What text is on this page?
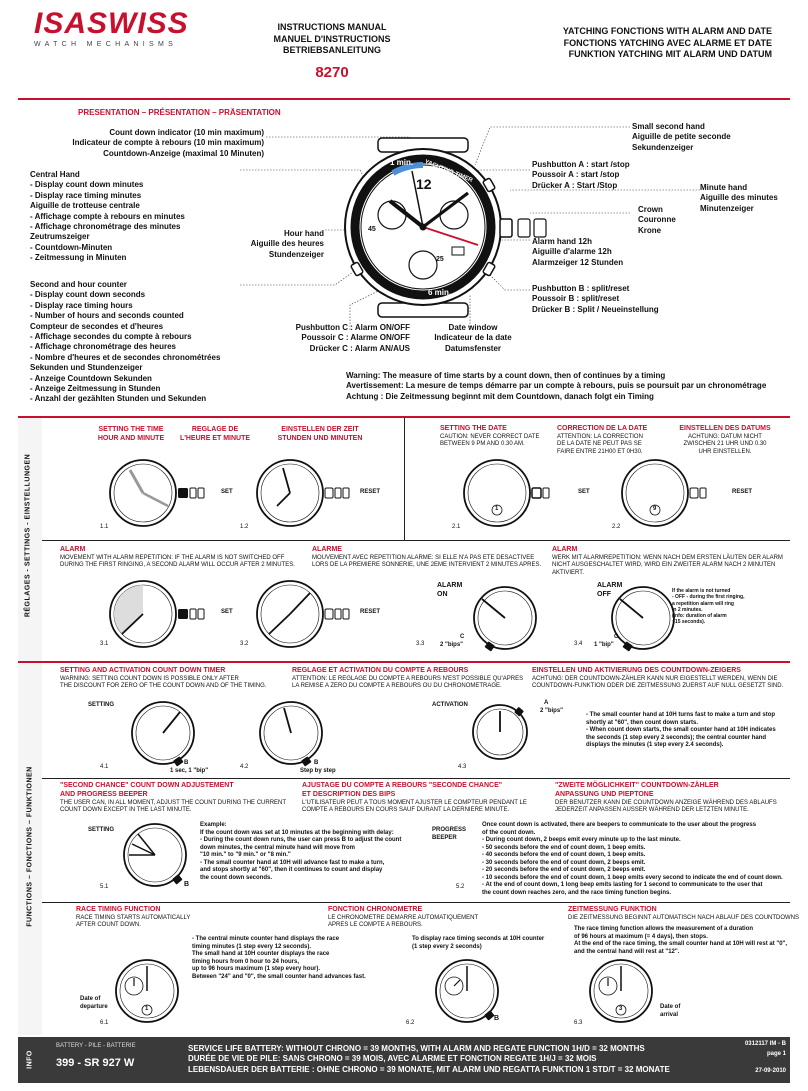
ISASWISS
WATCH MECHANISMS
INSTRUCTIONS MANUAL
MANUEL D'INSTRUCTIONS
BETRIEBSANLEITUNG
8270
YATCHING FONCTIONS WITH ALARM AND DATE
FONCTIONS YATCHING AVEC ALARME ET DATE
FUNKTION YATCHING MIT ALARM UND DATUM
PRESENTATION – PRÉSENTATION – PRÄSENTATION
Count down indicator (10 min maximum)
Indicateur de compte à rebours (10 min maximum)
Countdown-Anzeige (maximal 10 Minuten)
Central Hand
- Display count down minutes
- Display race timing minutes
Aiguille de trotteuse centrale
- Affichage compte à rebours en minutes
- Affichage chronométrage des minutes
Zeutrumszeiger
- Countdown-Minuten
- Zeitmessung in Minuten
Second and hour counter
- Display count down seconds
- Display race timing hours
- Number of hours and seconds counted
Compteur de secondes et d'heures
- Affichage secondes du compte à rebours
- Affichage chronométrage des heures
- Nombre d'heures et de secondes chronométrées
Sekunden und Stundenzeiger
- Anzeige Countdown Sekunden
- Anzeige Zeitmessung in Stunden
- Anzahl der gezählten Stunden und Sekunden
Hour hand
Aiguille des heures
Stundenzeiger
Pushbutton C : Alarm ON/OFF
Poussoir C : Alarme ON/OFF
Drücker C : Alarm AN/AUS
Date window
Indicateur de la date
Datumsfenster
Small second hand
Aiguille de petite seconde
Sekundenzeiger
Pushbutton A : start /stop
Poussoir A : start /stop
Drücker A : Start /Stop	Minute hand
Aiguille des minutes
Minutenzeiger
Crown
Couronne
Krone
Alarm hand 12h
Aiguille d'alarme 12h
Alarmzeiger 12 Stunden
Pushbutton B : split/reset
Poussoir B : split/reset
Drücker B : Split / Neueinstellung
Warning: The measure of time starts by a count down, then of continues by a timing
Avertissement: La mesure de temps démarre par un compte à rebours, puis se poursuit par un chronométrage
Achtung : Die Zeitmessung beginnt mit dem Countdown, danach folgt ein Timing
1 min. YACHTING TIMER
6 min.
12
25
45
RÉGLAGES - SETTINGS - EINSTELLUNGEN
SETTING THE TIME
HOUR AND MINUTE
REGLAGE DE
L'HEURE ET MINUTE
EINSTELLEN DER ZEIT
STUNDEN UND MINUTEN
SET
1.1
RESET
1.2
SETTING THE DATE
CAUTION: NEVER CORRECT DATE
BETWEEN 9 PM AND 0.30 AM.
CORRECTION DE LA DATE
ATTENTION: LA CORRECTION
DE LA DATE NE PEUT PAS SE
FAIRE ENTRE 21H00 ET 0H30.
EINSTELLEN DES DATUMS
ACHTUNG: DATUM NICHT
ZWISCHEN 21 UHR UND 0.30
UHR EINSTELLEN.
1
SET
2.1
9
RESET
2.2
ALARM
MOVEMENT WITH ALARM REPETITION: IF THE ALARM IS NOT SWITCHED OFF
DURING THE FIRST RINGING, A SECOND ALARM WILL OCCUR AFTER 2 MINUTES.
ALARME
MOUVEMENT AVEC REPETITION ALARME: SI ELLE N'A PAS ETE DESACTIVEE
LORS DE LA PREMIERE SONNERIE, UNE 2EME INTERVIENT 2 MINUTES APRES.
ALARM
WERK MIT ALARMREPETITION: WENN NACH DEM ERSTEN LÄUTEN DER ALARM
NICHT AUSGESCHALTET WIRD, WIRD EIN ZWEITER ALARM NACH 2 MINUTEN
AKTIVIERT.
SET
3.1
RESET
3.2
ALARM
ON
C
2 "bips"
3.3
ALARM
OFF
C
1 "bip"
3.4
If the alarm is not turned
- OFF - during the first ringing,
a repetition alarm will ring
in 2 minutes.
(Info: duration of alarm
~15 seconds).
FUNCTIONS – FONCTIONS – FUNKTIONEN
SETTING AND ACTIVATION COUNT DOWN TIMER
WARNING: SETTING COUNT DOWN IS POSSIBLE ONLY AFTER
THE DISCOUNT FOR ZERO OF THE COUNT DOWN AND OF THE TIMING.
REGLAGE ET ACTIVATION DU COMPTE A REBOURS
ATTENTION: LE REGLAGE DU COMPTE A REBOURS N'EST POSSIBLE QU'APRES
LA REMISE A ZERO DU COMPTE A REBOURS OU DU CHRONOMETRAGE.
EINSTELLEN UND AKTIVIERUNG DES COUNTDOWN-ZEIGERS
ACHTUNG: DER COUNTDOWN-ZÄHLER KANN NUR EIGESTELLT WERDEN, WENN DIE
COUNTDOWN-FUNKTION ODER DIE ZEITMESSUNG ZUERST AUF NULL GESETZT SIND.
SETTING
B
1 sec, 1 "bip"
4.1
B
Step by step
4.2
ACTIVATION	A
2 "bips"
4.3
- The small counter hand at 10H turns fast to make a turn and stop
shortly at "60", then count down starts.
- When count down starts, the small counter hand at 10H indicates
the seconds (1 step every 2 seconds); the central counter hand
displays the minutes (1 step every 2.4 seconds).
"SECOND CHANCE" COUNT DOWN ADJUSTEMENT
AND PROGRESS BEEPER
THE USER CAN, IN ALL MOMENT, ADJUST THE COUNT DURING THE CURRENT
COUNT DOWN EXCEPT IN THE LAST MINUTE.
AJUSTAGE DU COMPTE A REBOURS "SECONDE CHANCE"
ET DESCRIPTION DES BIPS
L'UTILISATEUR PEUT A TOUS MOMENT AJUSTER LE COMPTEUR PENDANT LE
COMPTE A REBOURS EN COURS SAUF DURANT LA DERNIERE MINUTE.
"ZWEITE MÖGLICHKEIT" COUNTDOWN-ZÄHLER
ANPASSUNG UND PIEPTONE
DER BENUTZER KANN DIE COUNTDOWN ANZEIGE WÄHREND DES ABLAUFS
JEDERZEIT ANPASSEN AUSSER WÄHREND DER LETZTEN MINUTE.
SETTING
B
5.1
Example:
If the count down was set at 10 minutes at the beginning with delay:
- During the count down runs, the user can press B to adjust the count
down minutes, the central minute hand will move from
"10 min." to "9 min." or "8 min."
- The small counter hand at 10H will advance fast to make a turn,
and stops shortly at "60", then it continues to count and display
the count down seconds.
PROGRESS
BEEPER
5.2
Once count down is activated, there are beepers to communicate to the user about the progress
of the count down.
- During count down, 2 beeps emit every minute up to the last minute.
- 50 seconds before the end of count down, 1 beep emits.
- 40 seconds before the end of count down, 1 beep emits.
- 30 seconds before the end of count down, 2 beeps emit.
- 20 seconds before the end of count down, 2 beeps emit.
- 10 seconds before the end of count down, 1 beep emits every second to indicate the end of count down.
- At the end of count down, 1 long beep emits lasting for 1 second to communicate to the user that
the count down reaches zero, and the race timing function begins.
RACE TIMING FUNCTION
RACE TIMING STARTS AUTOMATICALLY
AFTER COUNT DOWN.
FONCTION CHRONOMETRE
LE CHRONOMETRE DEMARRE AUTOMATIQUEMENT
APRES LE COMPTE A REBOURS.
ZEITMESSUNG FUNKTION
DIE ZEITMESSUNG BEGINNT AUTOMATISCH NACH ABLAUF DES COUNTDOWNS
- The central minute counter hand displays the race
timing minutes (1 step every 12 seconds).
The small hand at 10H counter displays the race
timing hours from 0 hour to 24 hours,
up to 96 hours maximum (1 step every hour).
Between "24" and "0", the small counter hand advances fast.
To display race timing seconds at 10H counter
(1 step every 2 seconds)
The race timing function allows the measurement of a duration
of 96 hours at maximum (= 4 days), then stops.
At the end of the race timing, the small counter hand at 10H will rest at "0",
and the central hand will rest at "12".
1
Date of
departure
6.1
B
6.2
3	Date of
arrival
6.3
INFO
BATTERY - PILE - BATTERIE
399 - SR 927 W
SERVICE LIFE BATTERY: WITHOUT CHRONO = 39 MONTHS, WITH ALARM AND REGATE FUNCTION 1H/D = 32 MONTHS
DURÉE DE VIE DE PILE: SANS CHRONO = 39 MOIS, AVEC ALARME ET FONCTION REGATE 1H/J = 32 MOIS
LEBENSDAUER DER BATTERIE : OHNE CHRONO = 39 MONATE, MIT ALARM UND REGATTA FUNKTION 1 STD/T = 32 MONATE
0312117 IM - B
page 1
27-09-2010
